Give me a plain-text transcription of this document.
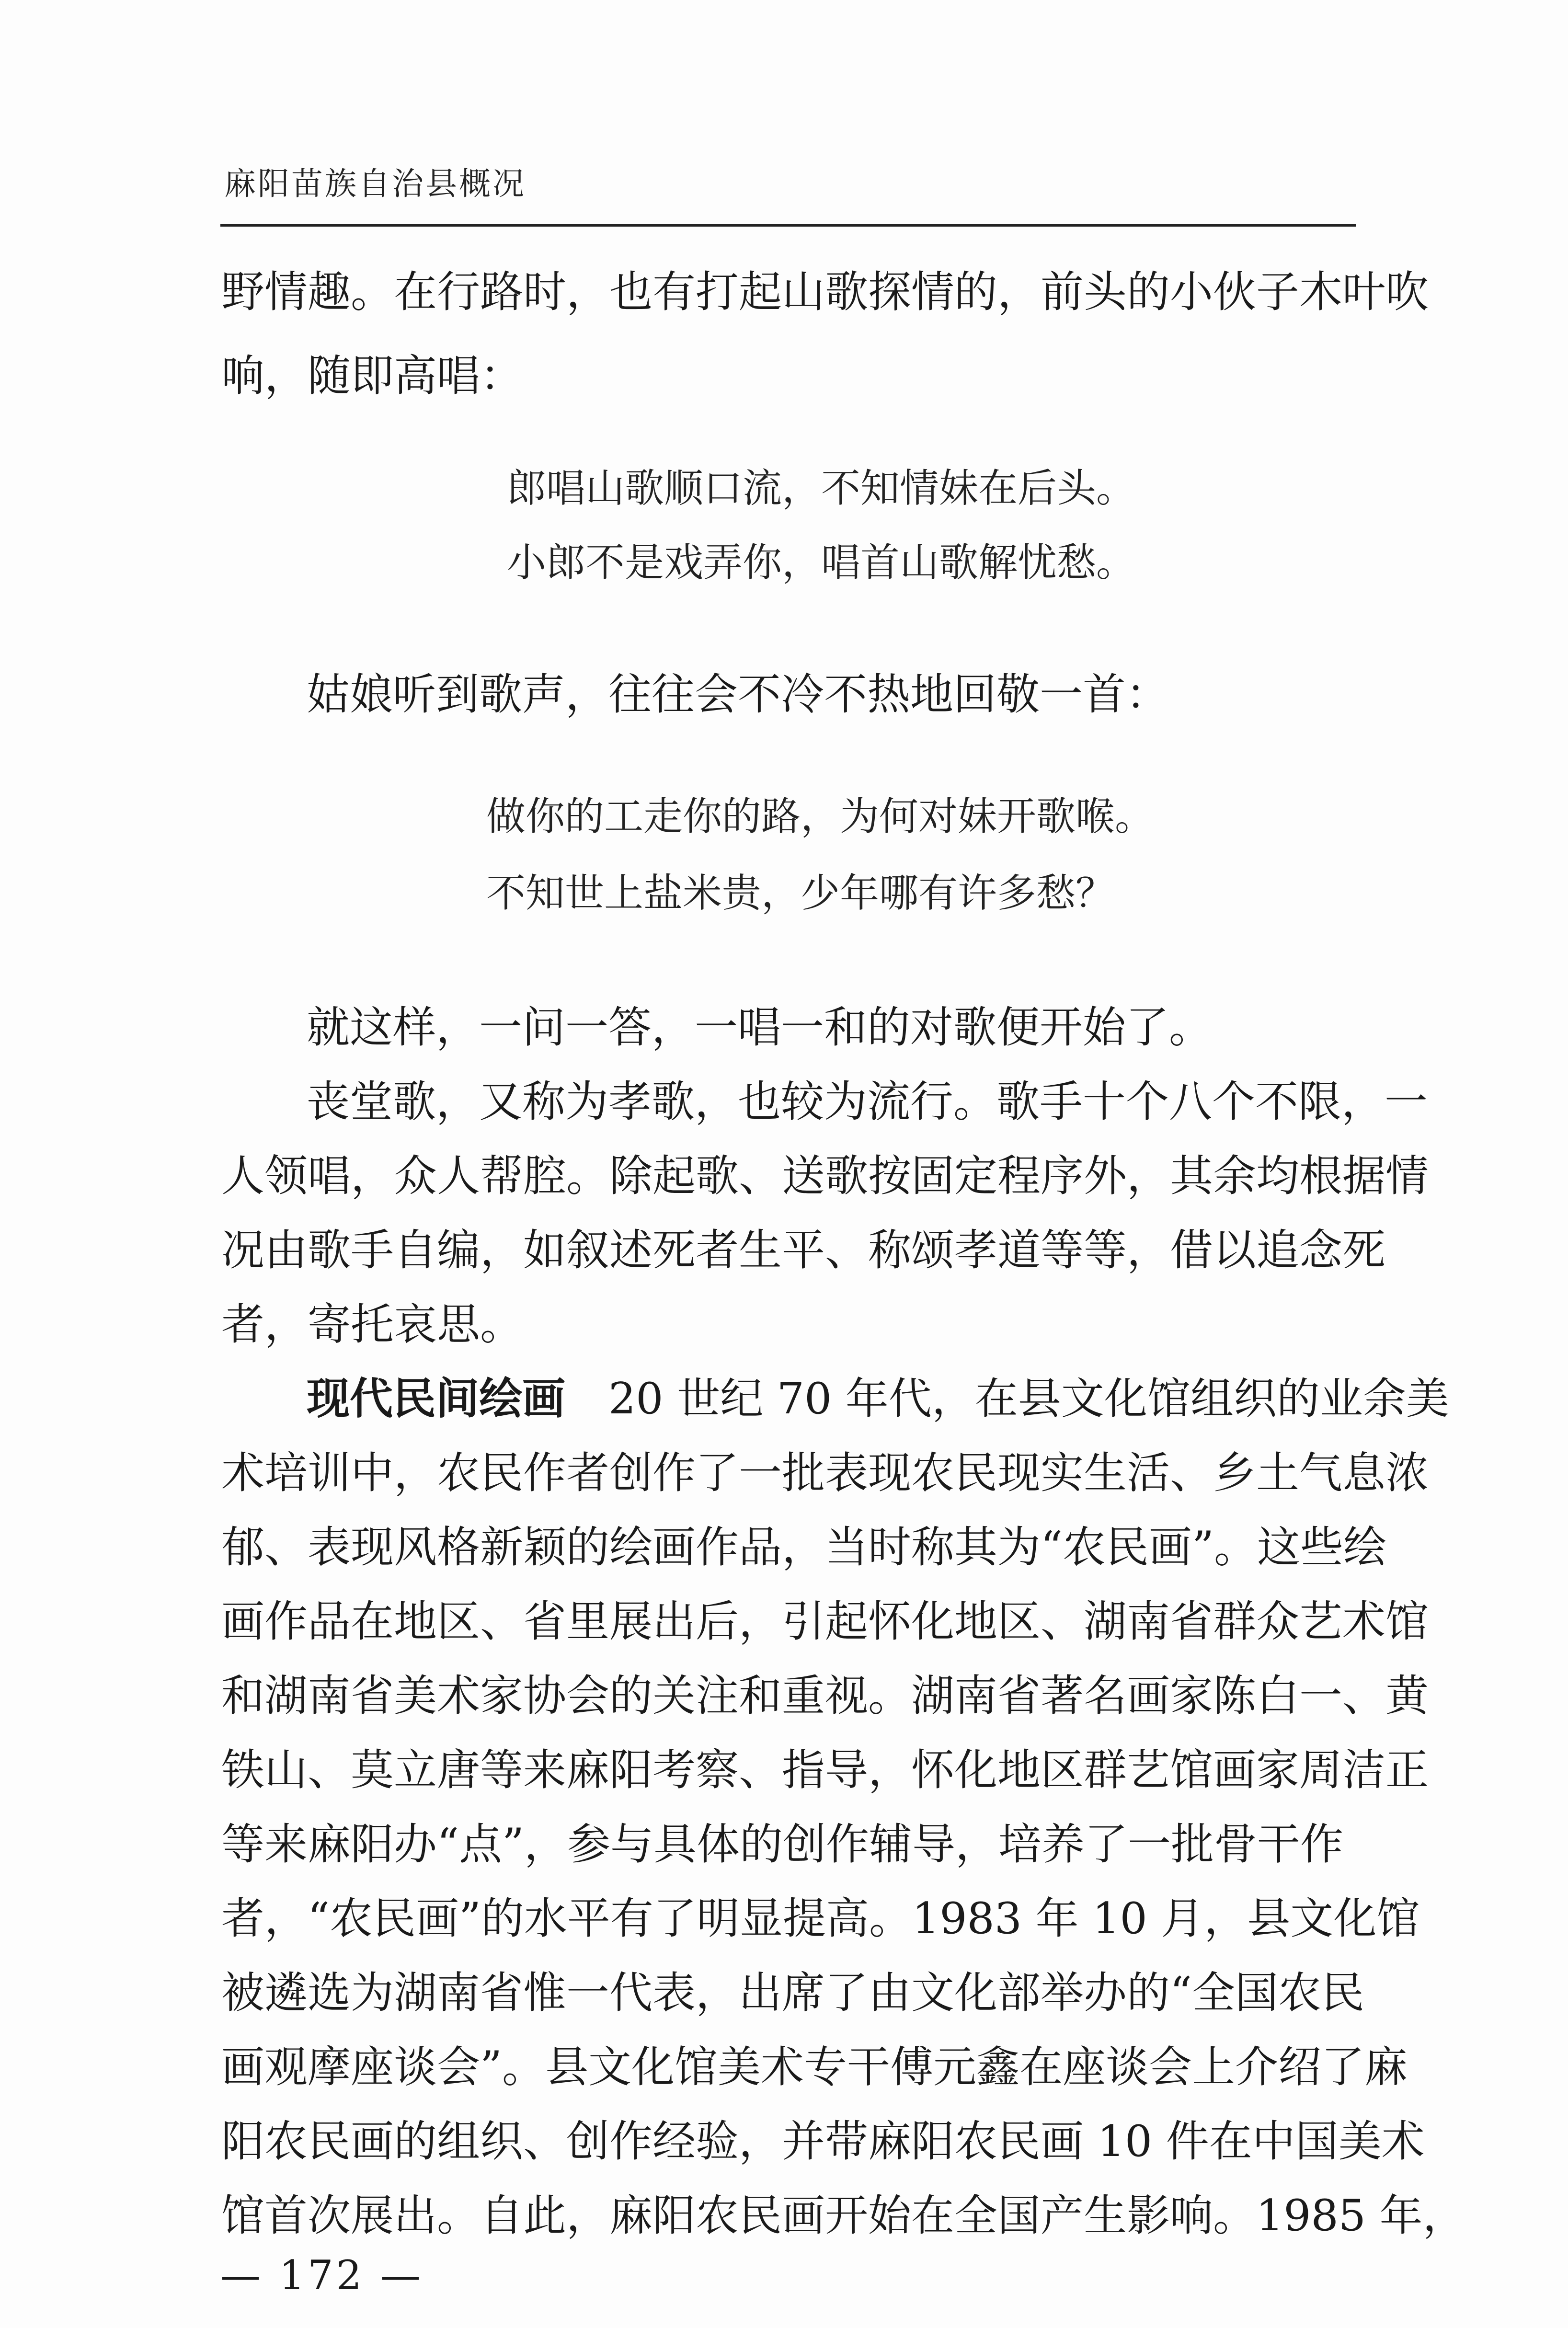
麻阳苗族自治县概况

野情趣。在行路时，也有打起山歌探情的，前头的小伙子木叶吹

响，随即高唱：

郎唱山歌顺口流，不知情妹在后头。

小郎不是戏弄你，唱首山歌解忧愁。

姑娘听到歌声，往往会不冷不热地回敬一首：

做你的工走你的路，为何对妹开歌喉。

不知世上盐米贵，少年哪有许多愁？

就这样，一问一答，一唱一和的对歌便开始了。

丧堂歌，又称为孝歌，也较为流行。歌手十个八个不限，一

人领唱，众人帮腔。除起歌、送歌按固定程序外，其余均根据情

况由歌手自编，如叙述死者生平、称颂孝道等等，借以追念死

者，寄托哀思。

现代民间绘画　20 世纪 70 年代，在县文化馆组织的业余美

术培训中，农民作者创作了一批表现农民现实生活、乡土气息浓

郁、表现风格新颖的绘画作品，当时称其为“农民画”。这些绘

画作品在地区、省里展出后，引起怀化地区、湖南省群众艺术馆

和湖南省美术家协会的关注和重视。湖南省著名画家陈白一、黄

铁山、莫立唐等来麻阳考察、指导，怀化地区群艺馆画家周洁正

等来麻阳办“点”，参与具体的创作辅导，培养了一批骨干作

者，“农民画”的水平有了明显提高。1983 年 10 月，县文化馆

被遴选为湖南省惟一代表，出席了由文化部举办的“全国农民

画观摩座谈会”。县文化馆美术专干傅元鑫在座谈会上介绍了麻

阳农民画的组织、创作经验，并带麻阳农民画 10 件在中国美术

馆首次展出。自此，麻阳农民画开始在全国产生影响。1985 年，

— 172 —
